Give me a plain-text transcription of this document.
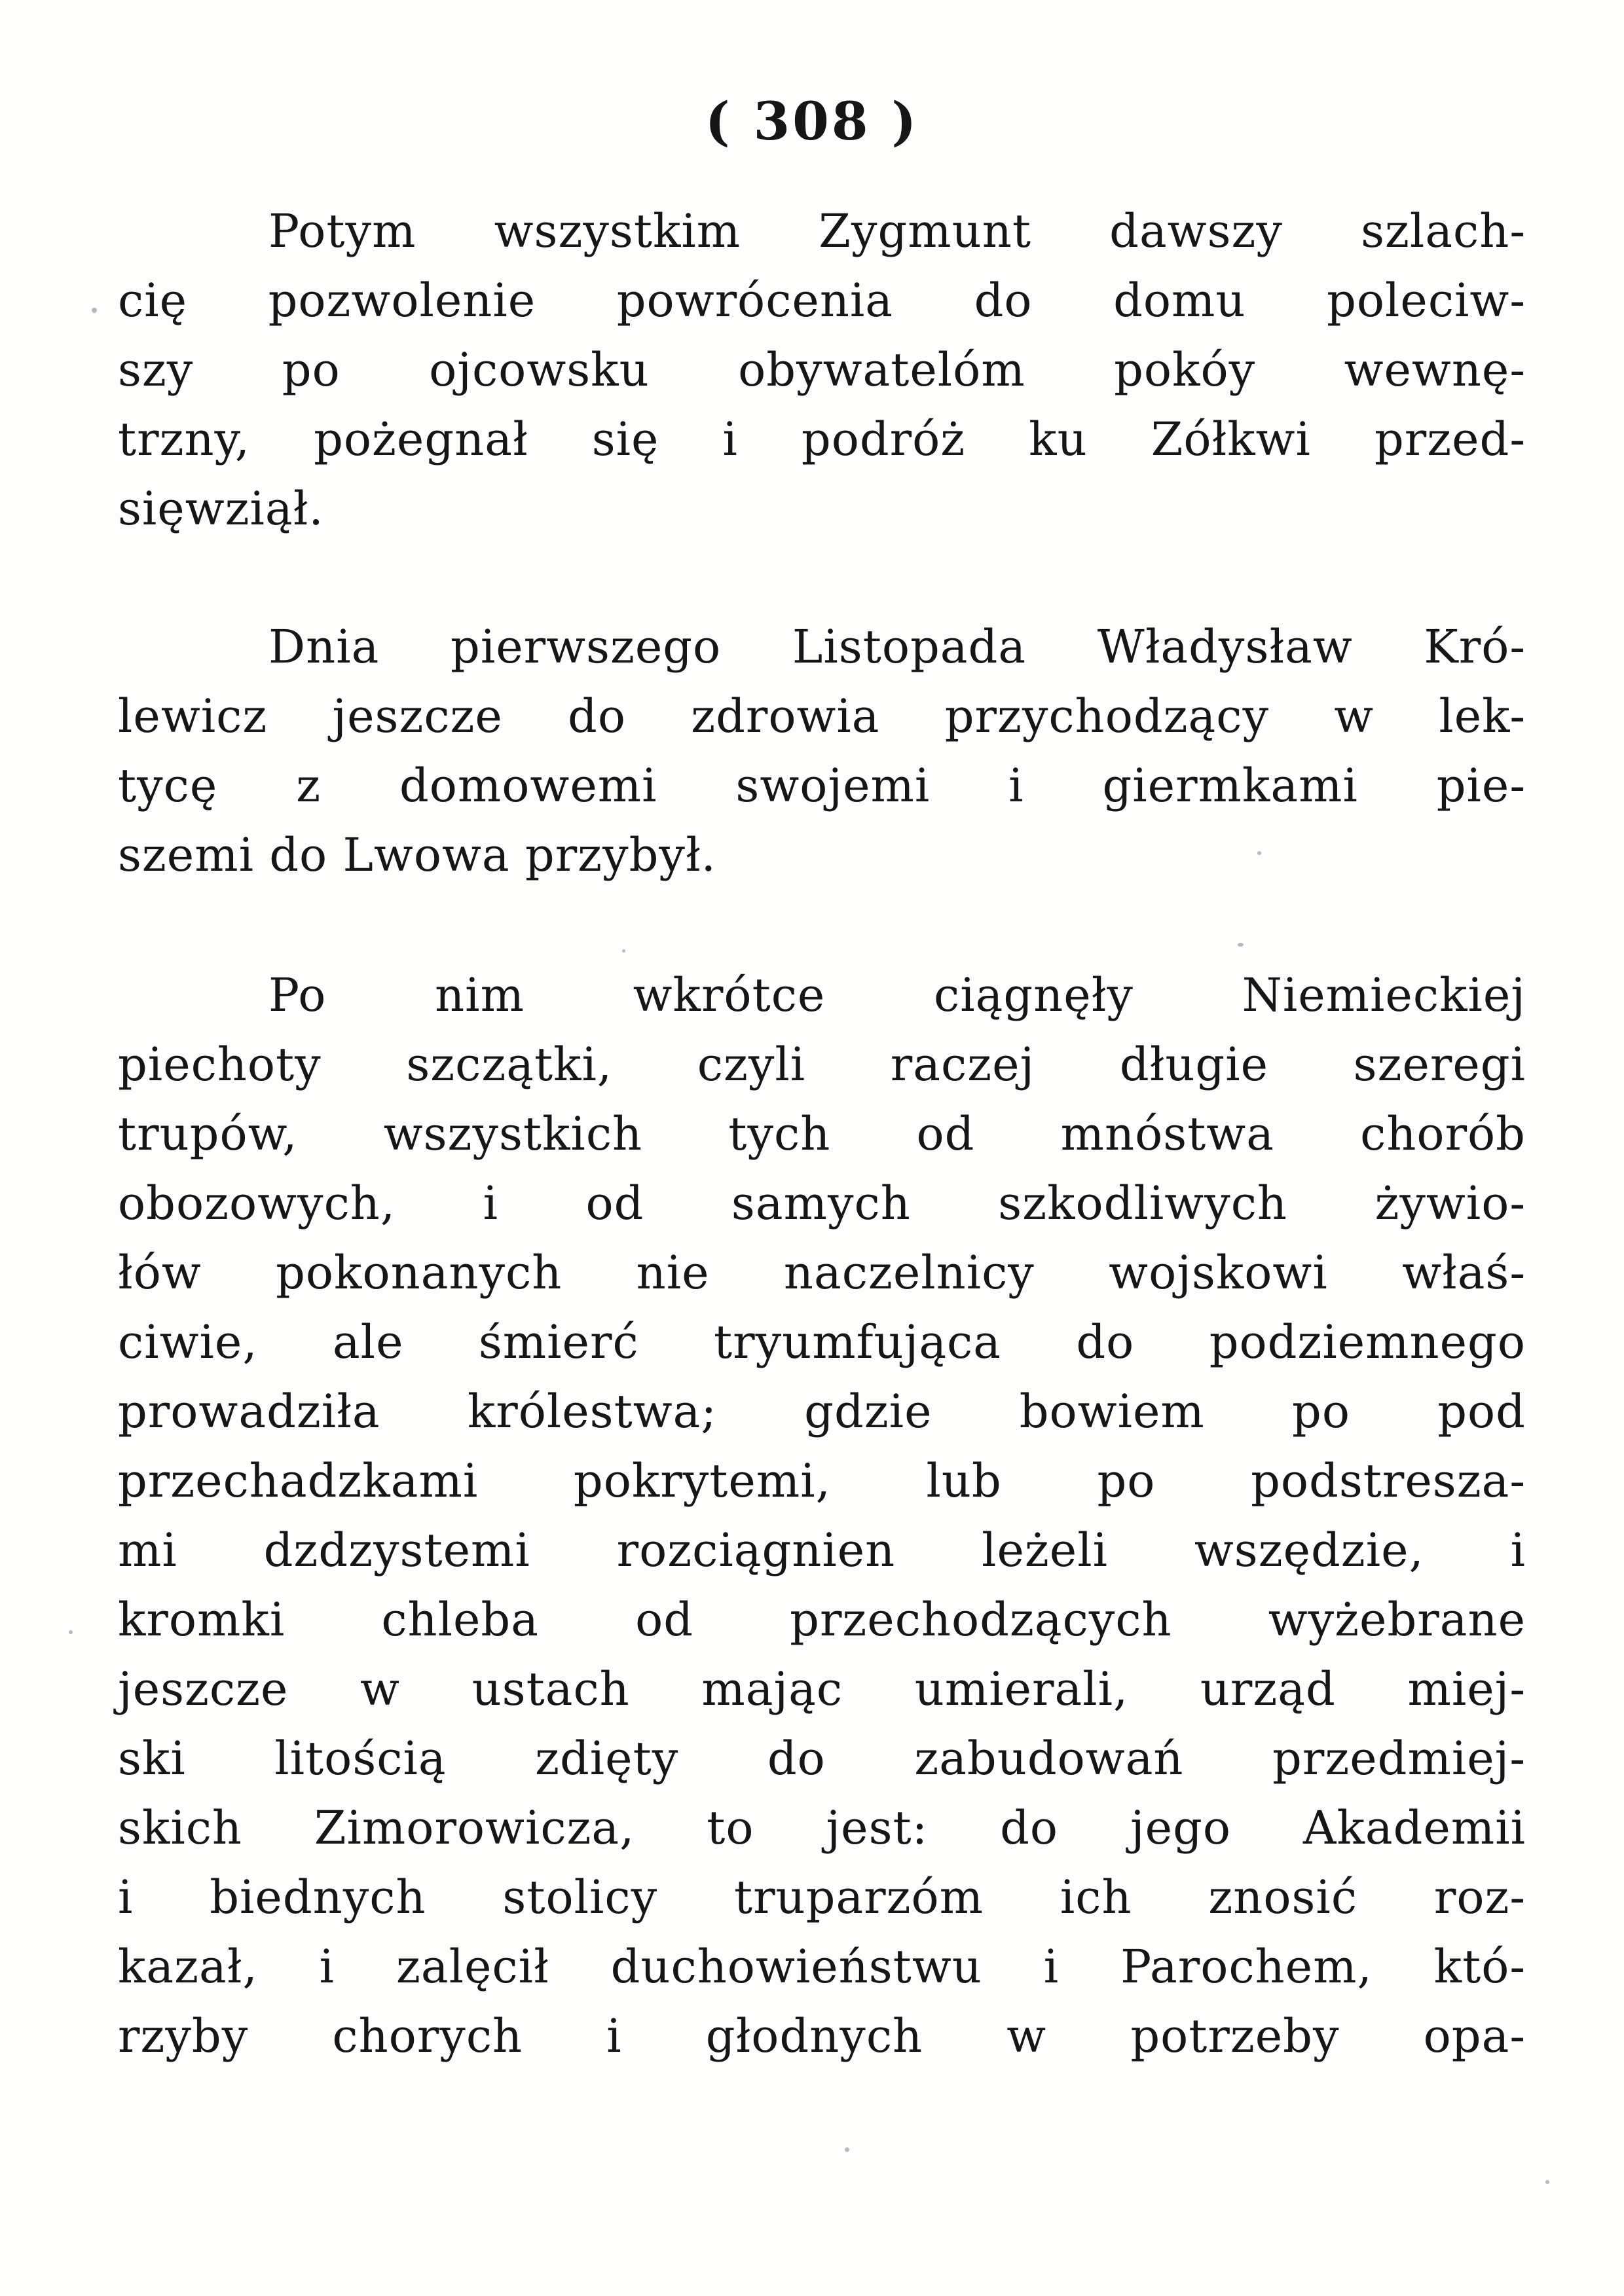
( 308 )
Potym wszystkim Zygmunt dawszy szlach-
cię pozwolenie powrócenia do domu poleciw-
szy po ojcowsku obywatelóm pokóy wewnę-
trzny, pożegnał się i podróż ku Zółkwi przed-
sięwziął.
Dnia pierwszego Listopada Władysław Kró-
lewicz jeszcze do zdrowia przychodzący w lek-
tycę z domowemi swojemi i giermkami pie-
szemi do Lwowa przybył.
Po nim wkrótce ciągnęły Niemieckiej
piechoty szczątki, czyli raczej długie szeregi
trupów, wszystkich tych od mnóstwa chorób
obozowych, i od samych szkodliwych żywio-
łów pokonanych nie naczelnicy wojskowi właś-
ciwie, ale śmierć tryumfująca do podziemnego
prowadziła królestwa; gdzie bowiem po pod
przechadzkami pokrytemi, lub po podstresza-
mi dzdzystemi rozciągnien leżeli wszędzie, i
kromki chleba od przechodzących wyżebrane
jeszcze w ustach mając umierali, urząd miej-
ski litością zdięty do zabudowań przedmiej-
skich Zimorowicza, to jest: do jego Akademii
i biednych stolicy truparzóm ich znosić roz-
kazał, i zalęcił duchowieństwu i Parochem, któ-
rzyby chorych i głodnych w potrzeby opa-
